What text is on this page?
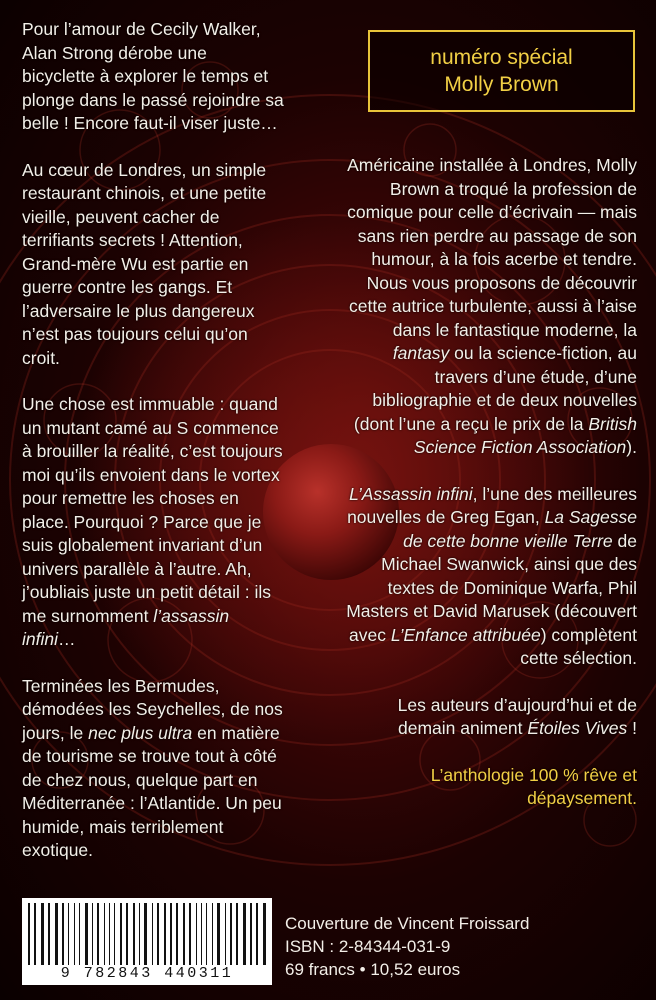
Pour l’amour de Cecily Walker, Alan Strong dérobe une bicyclette à explorer le temps et plonge dans le passé rejoindre sa belle ! Encore faut-il viser juste…

Au cœur de Londres, un simple restaurant chinois, et une petite vieille, peuvent cacher de terrifiants secrets ! Attention, Grand-mère Wu est partie en guerre contre les gangs. Et l’adversaire le plus dangereux n’est pas toujours celui qu’on croit.

Une chose est immuable : quand un mutant camé au S commence à brouiller la réalité, c’est toujours moi qu’ils envoient dans le vortex pour remettre les choses en place. Pourquoi ? Parce que je suis globalement invariant d’un univers parallèle à l’autre. Ah, j’oubliais juste un petit détail : ils me surnomment l’assassin infini…

Terminées les Bermudes, démodées les Seychelles, de nos jours, le nec plus ultra en matière de tourisme se trouve tout à côté de chez nous, quelque part en Méditerranée : l’Atlantide. Un peu humide, mais terriblement exotique.

numéro spécial
Molly Brown

Américaine installée à Londres, Molly Brown a troqué la profession de comique pour celle d’écrivain — mais sans rien perdre au passage de son humour, à la fois acerbe et tendre. Nous vous proposons de découvrir cette autrice turbulente, aussi à l’aise dans le fantastique moderne, la fantasy ou la science-fiction, au travers d’une étude, d’une bibliographie et de deux nouvelles (dont l’une a reçu le prix de la British Science Fiction Association).

L’Assassin infini, l’une des meilleures nouvelles de Greg Egan, La Sagesse de cette bonne vieille Terre de Michael Swanwick, ainsi que des textes de Dominique Warfa, Phil Masters et David Marusek (découvert avec L’Enfance attribuée) complètent cette sélection.

Les auteurs d’aujourd’hui et de demain animent Étoiles Vives !

L’anthologie 100 % rêve et dépaysement.

9 782843 440311
Couverture de Vincent Froissard
ISBN : 2-84344-031-9
69 francs • 10,52 euros
